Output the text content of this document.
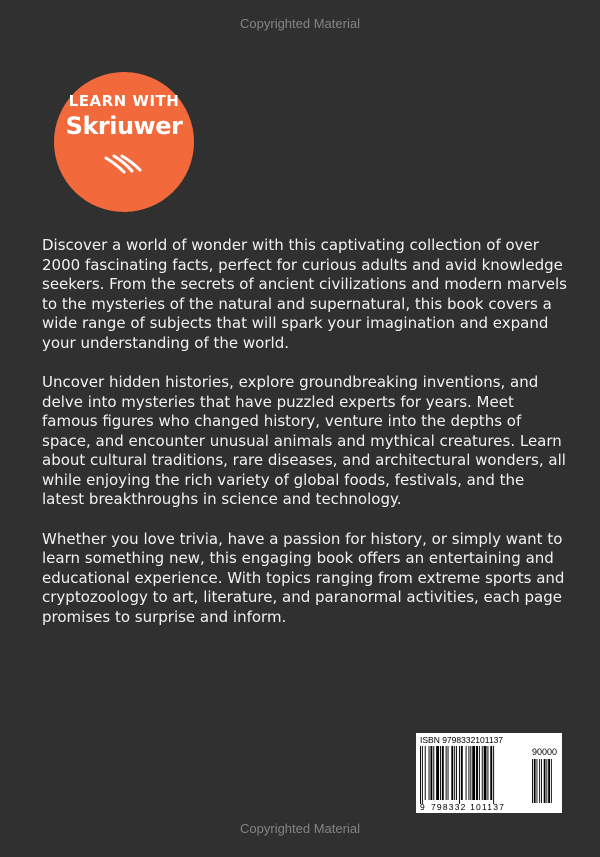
Copyrighted Material
LEARN WITH
Skriuwer

Discover a world of wonder with this captivating collection of over 2000 fascinating facts, perfect for curious adults and avid knowledge seekers. From the secrets of ancient civilizations and modern marvels to the mysteries of the natural and supernatural, this book covers a wide range of subjects that will spark your imagination and expand your understanding of the world.

Uncover hidden histories, explore groundbreaking inventions, and delve into mysteries that have puzzled experts for years. Meet famous figures who changed history, venture into the depths of space, and encounter unusual animals and mythical creatures. Learn about cultural traditions, rare diseases, and architectural wonders, all while enjoying the rich variety of global foods, festivals, and the latest breakthroughs in science and technology.

Whether you love trivia, have a passion for history, or simply want to learn something new, this engaging book offers an entertaining and educational experience. With topics ranging from extreme sports and cryptozoology to art, literature, and paranormal activities, each page promises to surprise and inform.

ISBN 9798332101137
90000
9 798332 101137
Copyrighted Material
